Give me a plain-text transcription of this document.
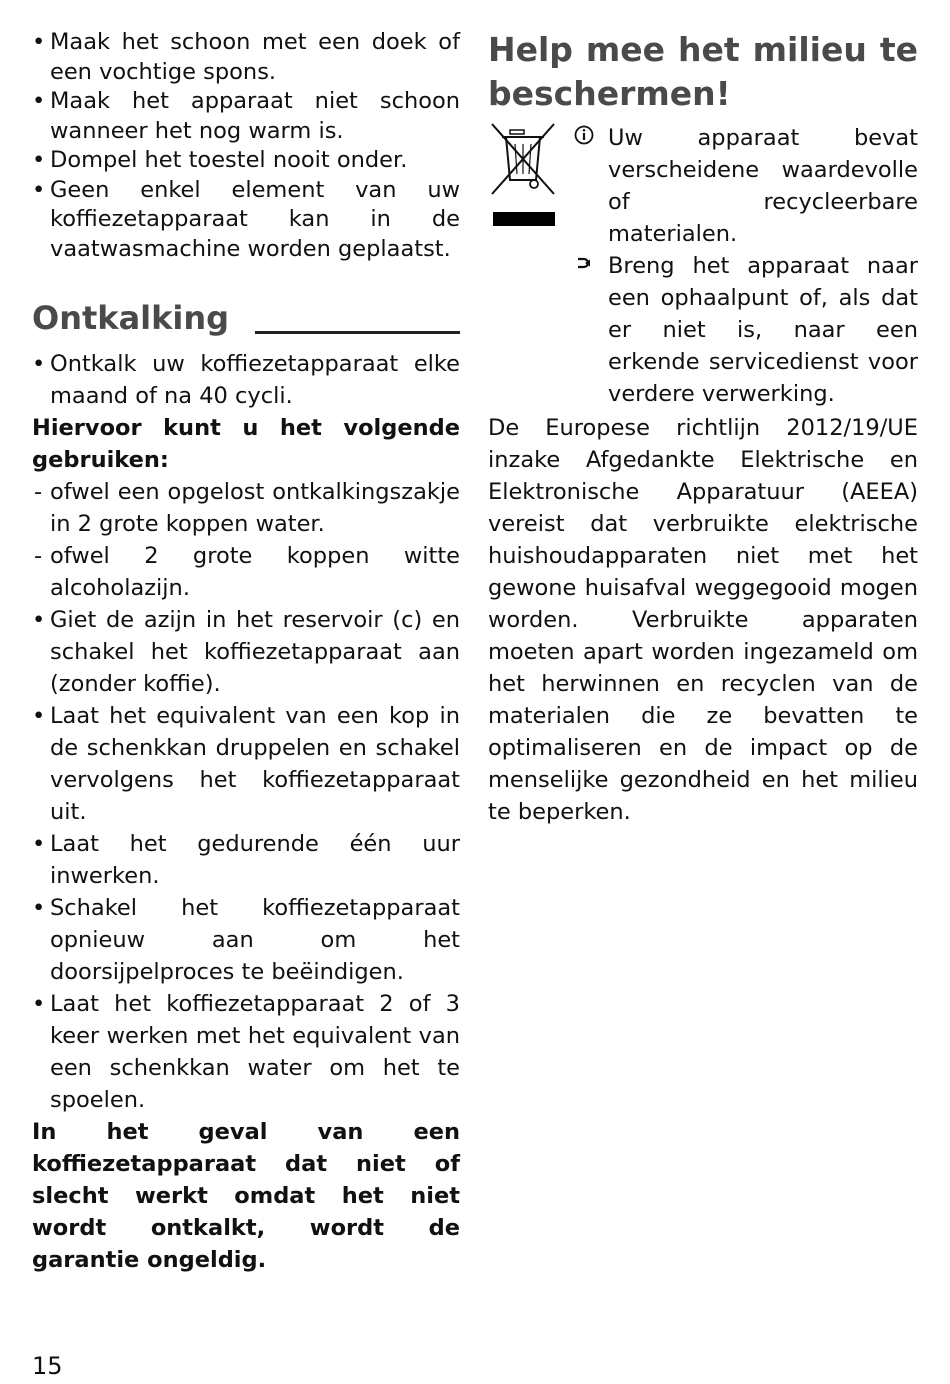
• Maak het schoon met een doek of een vochtige spons.

• Maak het apparaat niet schoon wanneer het nog warm is.

• Dompel het toestel nooit onder.

• Geen enkel element van uw koffiezetapparaat kan in de vaatwasmachine worden geplaatst.

Ontkalking

• Ontkalk uw koffiezetapparaat elke maand of na 40 cycli.

Hiervoor kunt u het volgende gebruiken:

- ofwel een opgelost ontkalkingszakje in 2 grote koppen water.

- ofwel 2 grote koppen witte alcoholazijn.

• Giet de azijn in het reservoir (c) en schakel het koffiezetapparaat aan (zonder koffie).

• Laat het equivalent van een kop in de schenkkan druppelen en schakel vervolgens het koffiezetapparaat uit.

• Laat het gedurende één uur inwerken.

• Schakel het koffiezetapparaat opnieuw aan om het doorsijpelproces te beëindigen.

• Laat het koffiezetapparaat 2 of 3 keer werken met het equivalent van een schenkkan water om het te spoelen.

In het geval van een koffiezetapparaat dat niet of slecht werkt omdat het niet wordt ontkalkt, wordt de garantie ongeldig.

Help mee het milieu te beschermen!
Uw apparaat bevat verscheidene waardevolle of recycleerbare materialen.
Breng het apparaat naar een ophaalpunt of, als dat er niet is, naar een erkende servicedienst voor verdere verwerking.

De Europese richtlijn 2012/19/UE inzake Afgedankte Elektrische en Elektronische Apparatuur (AEEA) vereist dat verbruikte elektrische huishoudapparaten niet met het gewone huisafval weggegooid mogen worden. Verbruikte apparaten moeten apart worden ingezameld om het herwinnen en recyclen van de materialen die ze bevatten te optimaliseren en de impact op de menselijke gezondheid en het milieu te beperken.

15
